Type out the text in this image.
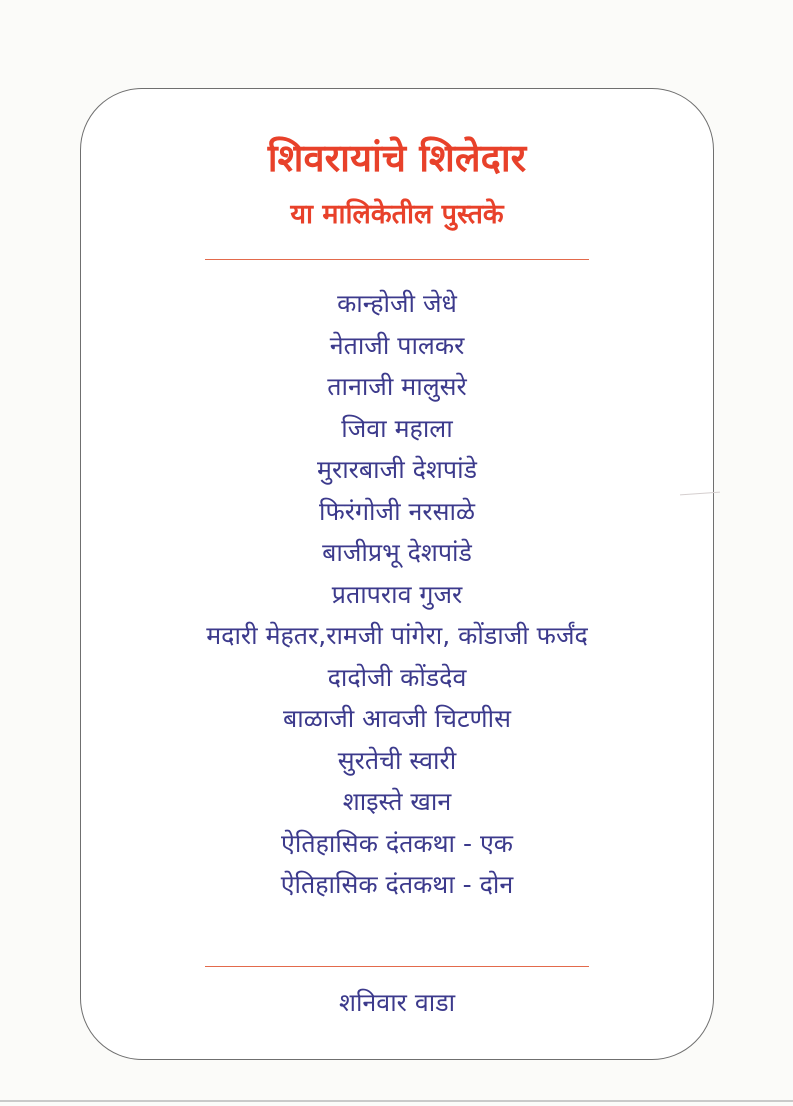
शिवरायांचे शिलेदार
या मालिकेतील पुस्तके
कान्होजी जेधे
नेताजी पालकर
तानाजी मालुसरे
जिवा महाला
मुरारबाजी देशपांडे
फिरंगोजी नरसाळे
बाजीप्रभू देशपांडे
प्रतापराव गुजर
मदारी मेहतर,रामजी पांगेरा, कोंडाजी फर्जंद
दादोजी कोंडदेव
बाळाजी आवजी चिटणीस
सुरतेची स्वारी
शाइस्ते खान
ऐतिहासिक दंतकथा - एक
ऐतिहासिक दंतकथा - दोन

शनिवार वाडा
